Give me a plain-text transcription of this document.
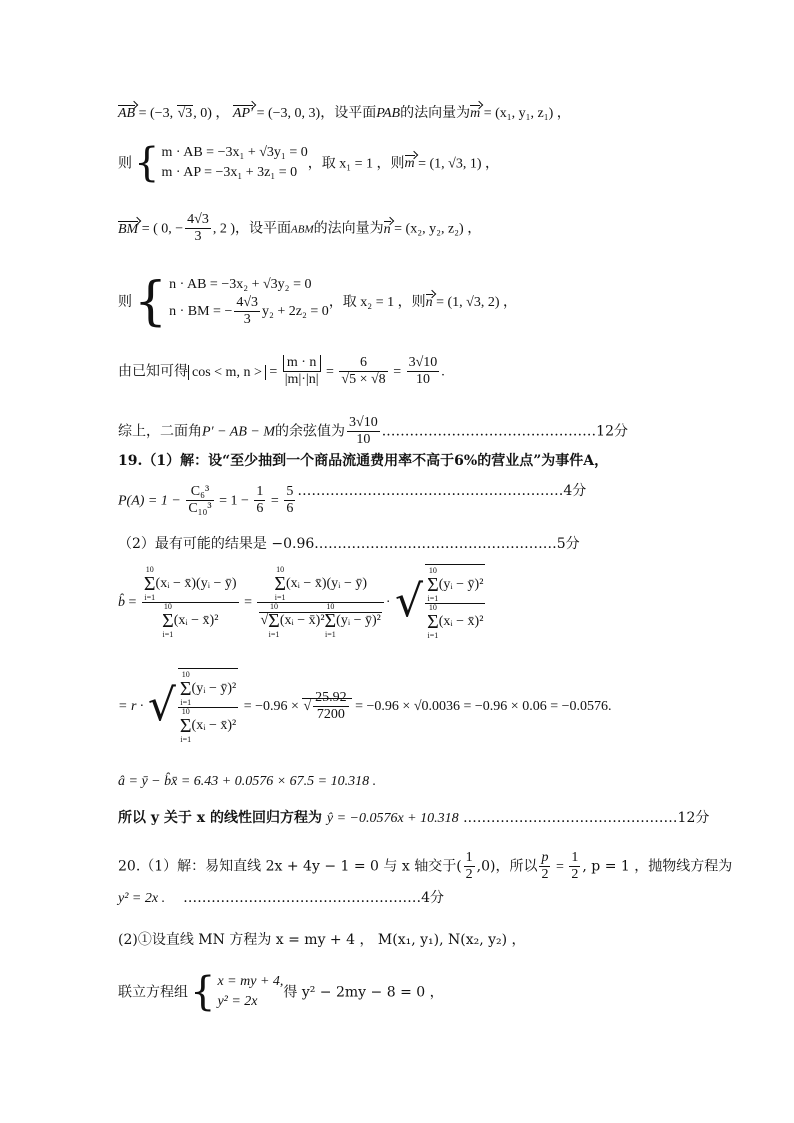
AB = (−3, √3, 0) ， AP′ = (−3, 0, 3)，设平面PAB的法向量为m = (x₁, y₁, z₁) ，
则{ m · AB = −3x₁ + √3y₁ = 0
m · AP = −3x₁ + 3z₁ = 0
，取 x₁ = 1 ，则m = (1, √3, 1) ，
BM = ( 0, − $\frac{4√3}{3}$ , 2 )，设平面ABM的法向量为n = (x₂, y₂, z₂) ，
则{ n · AB = −3x₂ + √3y₂ = 0
n · BM = − $\frac{4√3}{3} y_2 + 2z_2 = 0$
，取 x₂ = 1 ，则n = (1, √3, 2) ，
由已知可得 cos < m, n > = $\frac{m \cdot n}{|m|\cdot|n|} = \frac{6}{√5 \times √8} = \frac{3√10}{10}$ .
综上，二面角P′ − AB − M的余弦值为 $\frac{3√10}{10}$ .………………………………………12分
19.（1）解：设“至少抽到一个商品流通费用率不高于6%的营业点”为事件A，
$P(A) = 1 - \frac{\text{C₆³}}{\text{C₁₀³}} = 1 - \frac{1}{6} = \frac{5}{6}$ …………………………………………………4分
（2）最有可能的结果是 −0.96.……………………………………………5分
b̂ = 10
Σ
i=1
(xᵢ − x̄)(yᵢ − ȳ)
10
Σ
i=1
(xᵢ − x̄)² = 10
Σ
i=1
(xᵢ − x̄)(yᵢ − ȳ)
√
10
Σ
i=1
(xᵢ − x̄)²
10
Σ
i=1
(yᵢ − ȳ)² · √ 10
Σ
i=1
(yᵢ − ȳ)²
10
Σ
i=1
(xᵢ − x̄)²
= r · √ 10
Σ
i=1
(yᵢ − ȳ)²
10
Σ
i=1
(xᵢ − x̄)² = −0.96 × √ $\frac{25.92}{7200} = -0.96 \times √0.0036 = -0.96 \times 0.06 = -0.0576$.
â = ȳ − b̂x̄ = 6.43 + 0.0576 × 67.5 = 10.318 .
所以 y 关于 x 的线性回归方程为 ŷ = −0.0576x + 10.318 .………………………………………12分
20.（1）解：易知直线 2x + 4y − 1 = 0 与 x 轴交于( $\frac{1}{2} ,0$)，所以 $\frac{p}{2} = \frac{1}{2}$ , p = 1 ，抛物线方程为
y² = 2x . ……………………………………………4分
(2)①设直线 MN 方程为 x = my + 4 ， M(x₁, y₁), N(x₂, y₂) ，
联立方程组{ x = my + 4,
y² = 2x
得 y² − 2my − 8 = 0 ，
